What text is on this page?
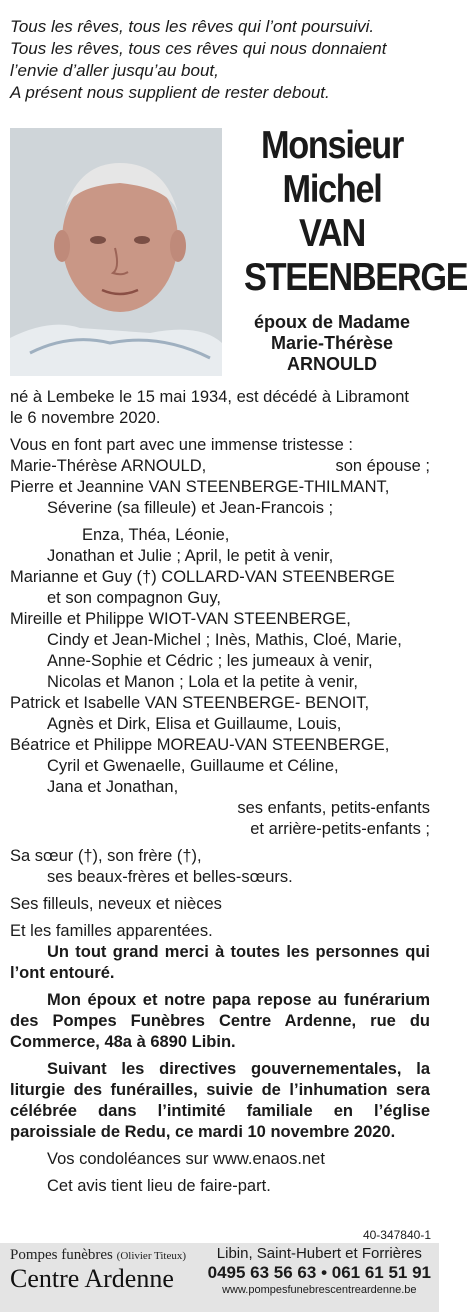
Tous les rêves, tous les rêves qui l’ont poursuivi.
Tous les rêves, tous ces rêves qui nous donnaient
l’envie d’aller jusqu’au bout,
A présent nous supplient de rester debout.
Monsieur
Michel
VAN
STEENBERGE
époux de Madame
Marie-Thérèse
ARNOULD
né à Lembeke le 15 mai 1934, est décédé à Libramont
le 6 novembre 2020.
Vous en font part avec une immense tristesse :
Marie-Thérèse ARNOULD,	son épouse ;
Pierre et Jeannine VAN STEENBERGE-THILMANT,
Séverine (sa filleule) et Jean-Francois ;
Enza, Théa, Léonie,
Jonathan et Julie ; April, le petit à venir,
Marianne et Guy (†) COLLARD-VAN STEENBERGE
et son compagnon Guy,
Mireille et Philippe WIOT-VAN STEENBERGE,
Cindy et Jean-Michel ; Inès, Mathis, Cloé, Marie,
Anne-Sophie et Cédric ; les jumeaux à venir,
Nicolas et Manon ; Lola et la petite à venir,
Patrick et Isabelle VAN STEENBERGE- BENOIT,
Agnès et Dirk, Elisa et Guillaume, Louis,
Béatrice et Philippe MOREAU-VAN STEENBERGE,
Cyril et Gwenaelle, Guillaume et Céline,
Jana et Jonathan,
ses enfants, petits-enfants
et arrière-petits-enfants ;
Sa sœur (†), son frère (†),
ses beaux-frères et belles-sœurs.
Ses filleuls, neveux et nièces
Et les familles apparentées.
Un tout grand merci à toutes les personnes qui l’ont entouré.
Mon époux et notre papa repose au funérarium des Pompes Funèbres Centre Ardenne, rue du Commerce, 48a à 6890 Libin.
Suivant les directives gouvernementales, la liturgie des funérailles, suivie de l’inhumation sera célébrée dans l’intimité familiale en l’église paroissiale de Redu, ce mardi 10 novembre 2020.
Vos condoléances sur www.enaos.net
Cet avis tient lieu de faire-part.
40-347840-1
Pompes funèbres (Olivier Titeux)
Centre Ardenne
Libin, Saint-Hubert et Forrières
0495 63 56 63 • 061 61 51 91
www.pompesfunebrescentreardenne.be
